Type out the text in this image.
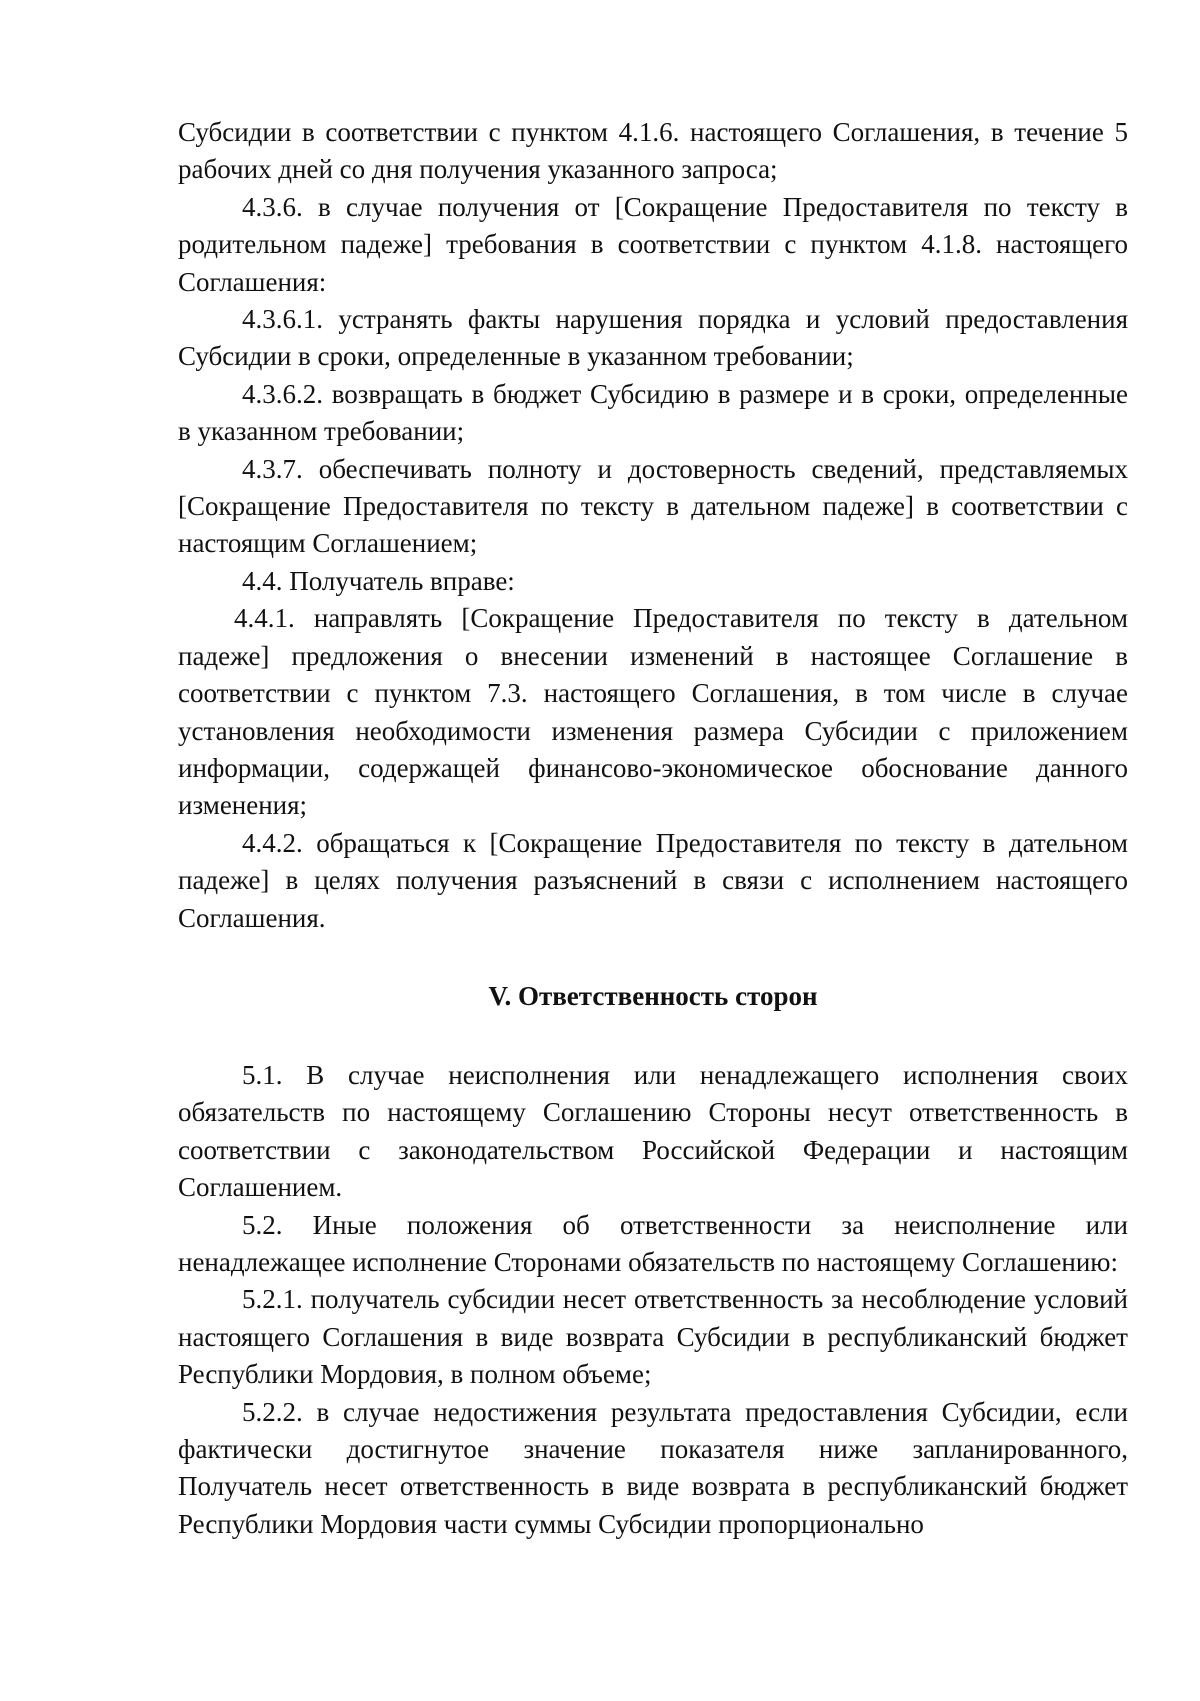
Субсидии в соответствии с пунктом 4.1.6. настоящего Соглашения, в течение 5 рабочих дней со дня получения указанного запроса;

4.3.6. в случае получения от [Сокращение Предоставителя по тексту в родительном падеже] требования в соответствии с пунктом 4.1.8. настоящего Соглашения:

4.3.6.1. устранять факты нарушения порядка и условий предоставления Субсидии в сроки, определенные в указанном требовании;

4.3.6.2. возвращать в бюджет Субсидию в размере и в сроки, определенные в указанном требовании;

4.3.7. обеспечивать полноту и достоверность сведений, представляемых [Сокращение Предоставителя по тексту в дательном падеже] в соответствии с настоящим Соглашением;

4.4. Получатель вправе:

4.4.1. направлять [Сокращение Предоставителя по тексту в дательном падеже] предложения о внесении изменений в настоящее Соглашение в соответствии с пунктом 7.3. настоящего Соглашения, в том числе в случае установления необходимости изменения размера Субсидии с приложением информации, содержащей финансово-экономическое обоснование данного изменения;

4.4.2. обращаться к [Сокращение Предоставителя по тексту в дательном падеже] в целях получения разъяснений в связи с исполнением настоящего Соглашения.

V. Ответственность сторон

5.1. В случае неисполнения или ненадлежащего исполнения своих обязательств по настоящему Соглашению Стороны несут ответственность в соответствии с законодательством Российской Федерации и настоящим Соглашением.

5.2. Иные положения об ответственности за неисполнение или ненадлежащее исполнение Сторонами обязательств по настоящему Соглашению:

5.2.1. получатель субсидии несет ответственность за несоблюдение условий настоящего Соглашения в виде возврата Субсидии в республиканский бюджет Республики Мордовия, в полном объеме;

5.2.2. в случае недостижения результата предоставления Субсидии, если фактически достигнутое значение показателя ниже запланированного, Получатель несет ответственность в виде возврата в республиканский бюджет Республики Мордовия части суммы Субсидии пропорционально
